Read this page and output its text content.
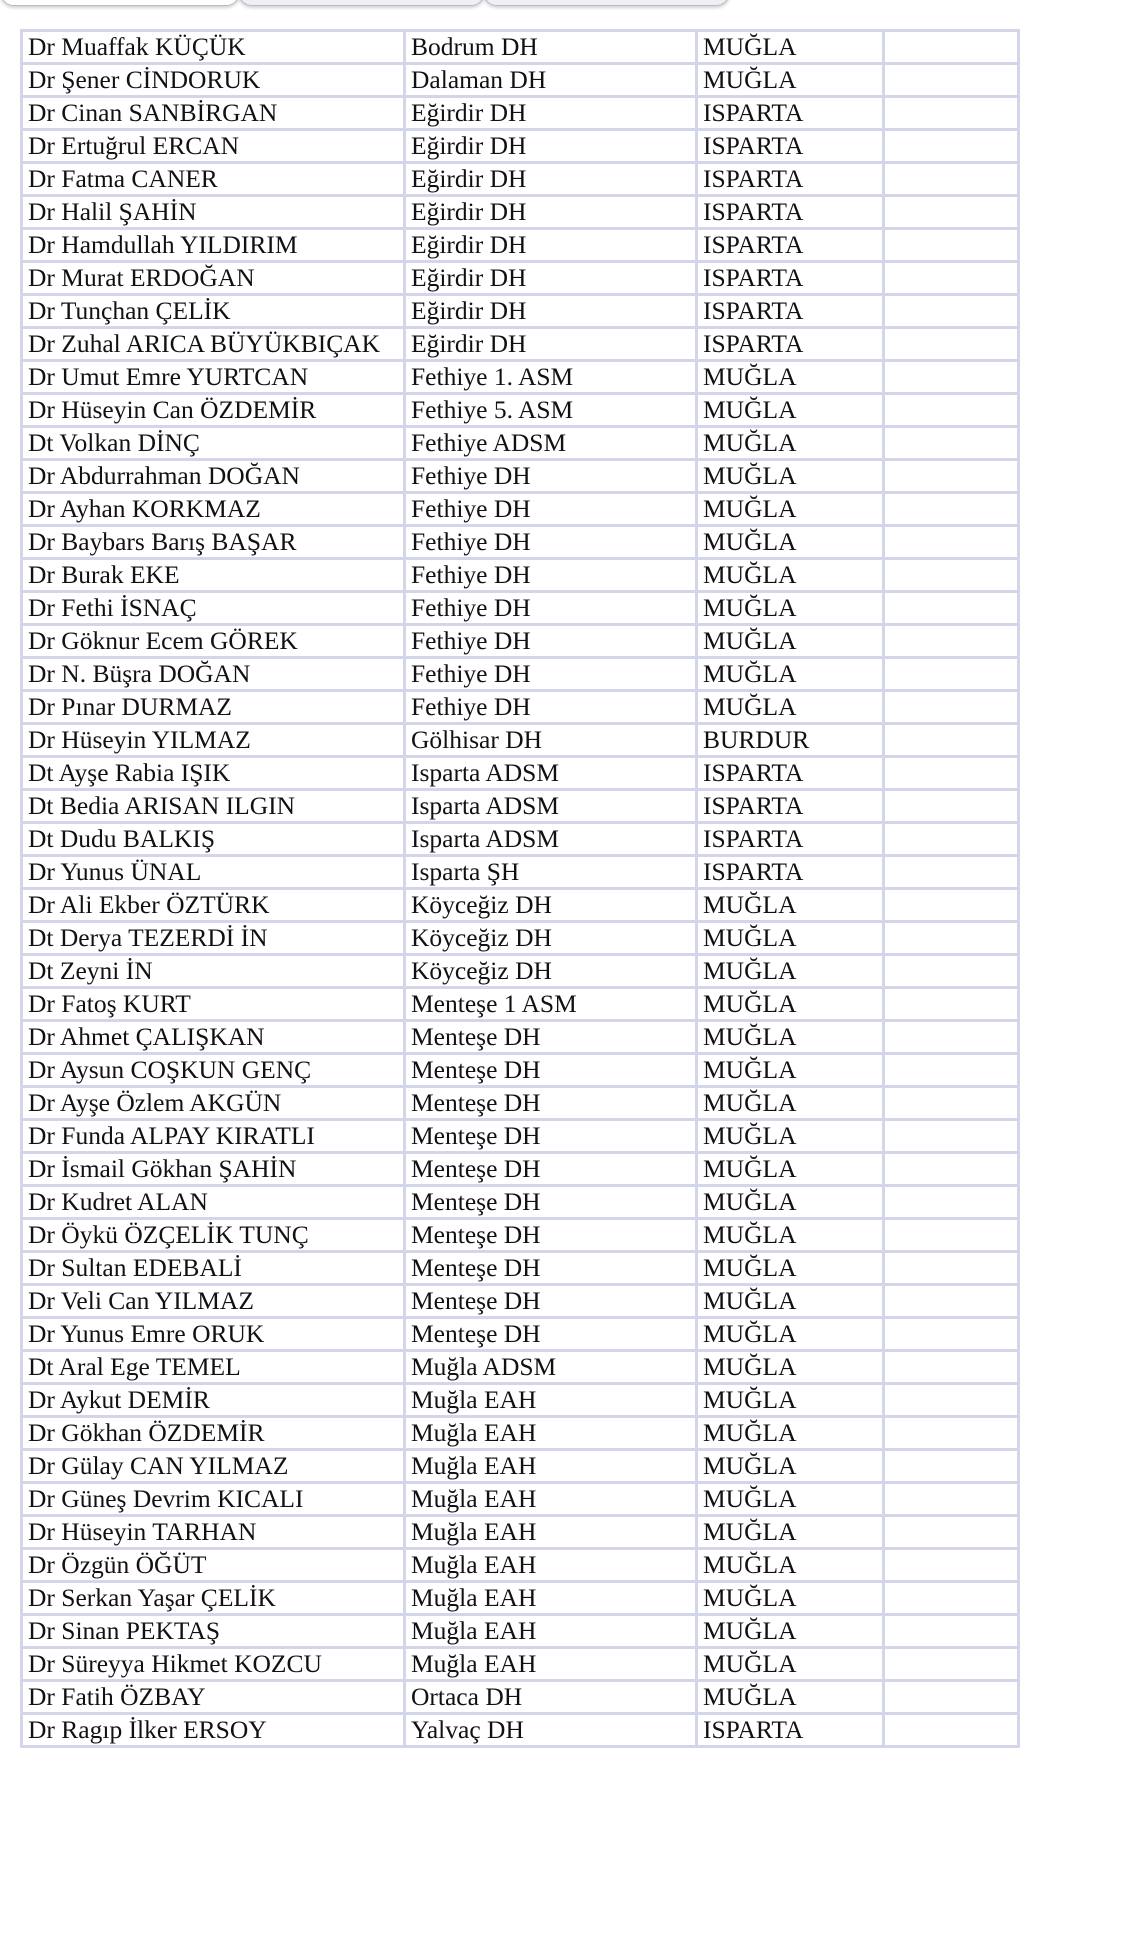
Dr Muaffak KÜÇÜK	Bodrum DH	MUĞLA	
Dr Şener CİNDORUK	Dalaman DH	MUĞLA	
Dr Cinan SANBİRGAN	Eğirdir DH	ISPARTA	
Dr Ertuğrul ERCAN	Eğirdir DH	ISPARTA	
Dr Fatma CANER	Eğirdir DH	ISPARTA	
Dr Halil ŞAHİN	Eğirdir DH	ISPARTA	
Dr Hamdullah YILDIRIM	Eğirdir DH	ISPARTA	
Dr Murat ERDOĞAN	Eğirdir DH	ISPARTA	
Dr Tunçhan ÇELİK	Eğirdir DH	ISPARTA	
Dr Zuhal ARICA BÜYÜKBIÇAK	Eğirdir DH	ISPARTA	
Dr Umut Emre YURTCAN	Fethiye 1. ASM	MUĞLA	
Dr Hüseyin Can ÖZDEMİR	Fethiye 5. ASM	MUĞLA	
Dt Volkan DİNÇ	Fethiye ADSM	MUĞLA	
Dr Abdurrahman DOĞAN	Fethiye DH	MUĞLA	
Dr Ayhan KORKMAZ	Fethiye DH	MUĞLA	
Dr Baybars Barış BAŞAR	Fethiye DH	MUĞLA	
Dr Burak EKE	Fethiye DH	MUĞLA	
Dr Fethi İSNAÇ	Fethiye DH	MUĞLA	
Dr Göknur Ecem GÖREK	Fethiye DH	MUĞLA	
Dr N. Büşra DOĞAN	Fethiye DH	MUĞLA	
Dr Pınar DURMAZ	Fethiye DH	MUĞLA	
Dr Hüseyin YILMAZ	Gölhisar DH	BURDUR	
Dt Ayşe Rabia IŞIK	Isparta ADSM	ISPARTA	
Dt Bedia ARISAN ILGIN	Isparta ADSM	ISPARTA	
Dt Dudu BALKIŞ	Isparta ADSM	ISPARTA	
Dr Yunus ÜNAL	Isparta ŞH	ISPARTA	
Dr Ali Ekber ÖZTÜRK	Köyceğiz DH	MUĞLA	
Dt Derya TEZERDİ İN	Köyceğiz DH	MUĞLA	
Dt Zeyni İN	Köyceğiz DH	MUĞLA	
Dr Fatoş KURT	Menteşe 1 ASM	MUĞLA	
Dr Ahmet ÇALIŞKAN	Menteşe DH	MUĞLA	
Dr Aysun COŞKUN GENÇ	Menteşe DH	MUĞLA	
Dr Ayşe Özlem AKGÜN	Menteşe DH	MUĞLA	
Dr Funda ALPAY KIRATLI	Menteşe DH	MUĞLA	
Dr İsmail Gökhan ŞAHİN	Menteşe DH	MUĞLA	
Dr Kudret ALAN	Menteşe DH	MUĞLA	
Dr Öykü ÖZÇELİK TUNÇ	Menteşe DH	MUĞLA	
Dr Sultan EDEBALİ	Menteşe DH	MUĞLA	
Dr Veli Can YILMAZ	Menteşe DH	MUĞLA	
Dr Yunus Emre ORUK	Menteşe DH	MUĞLA	
Dt Aral Ege TEMEL	Muğla ADSM	MUĞLA	
Dr Aykut DEMİR	Muğla EAH	MUĞLA	
Dr Gökhan ÖZDEMİR	Muğla EAH	MUĞLA	
Dr Gülay CAN YILMAZ	Muğla EAH	MUĞLA	
Dr Güneş Devrim KICALI	Muğla EAH	MUĞLA	
Dr Hüseyin TARHAN	Muğla EAH	MUĞLA	
Dr Özgün ÖĞÜT	Muğla EAH	MUĞLA	
Dr Serkan Yaşar ÇELİK	Muğla EAH	MUĞLA	
Dr Sinan PEKTAŞ	Muğla EAH	MUĞLA	
Dr Süreyya Hikmet KOZCU	Muğla EAH	MUĞLA	
Dr Fatih ÖZBAY	Ortaca DH	MUĞLA	
Dr Ragıp İlker ERSOY	Yalvaç DH	ISPARTA	
